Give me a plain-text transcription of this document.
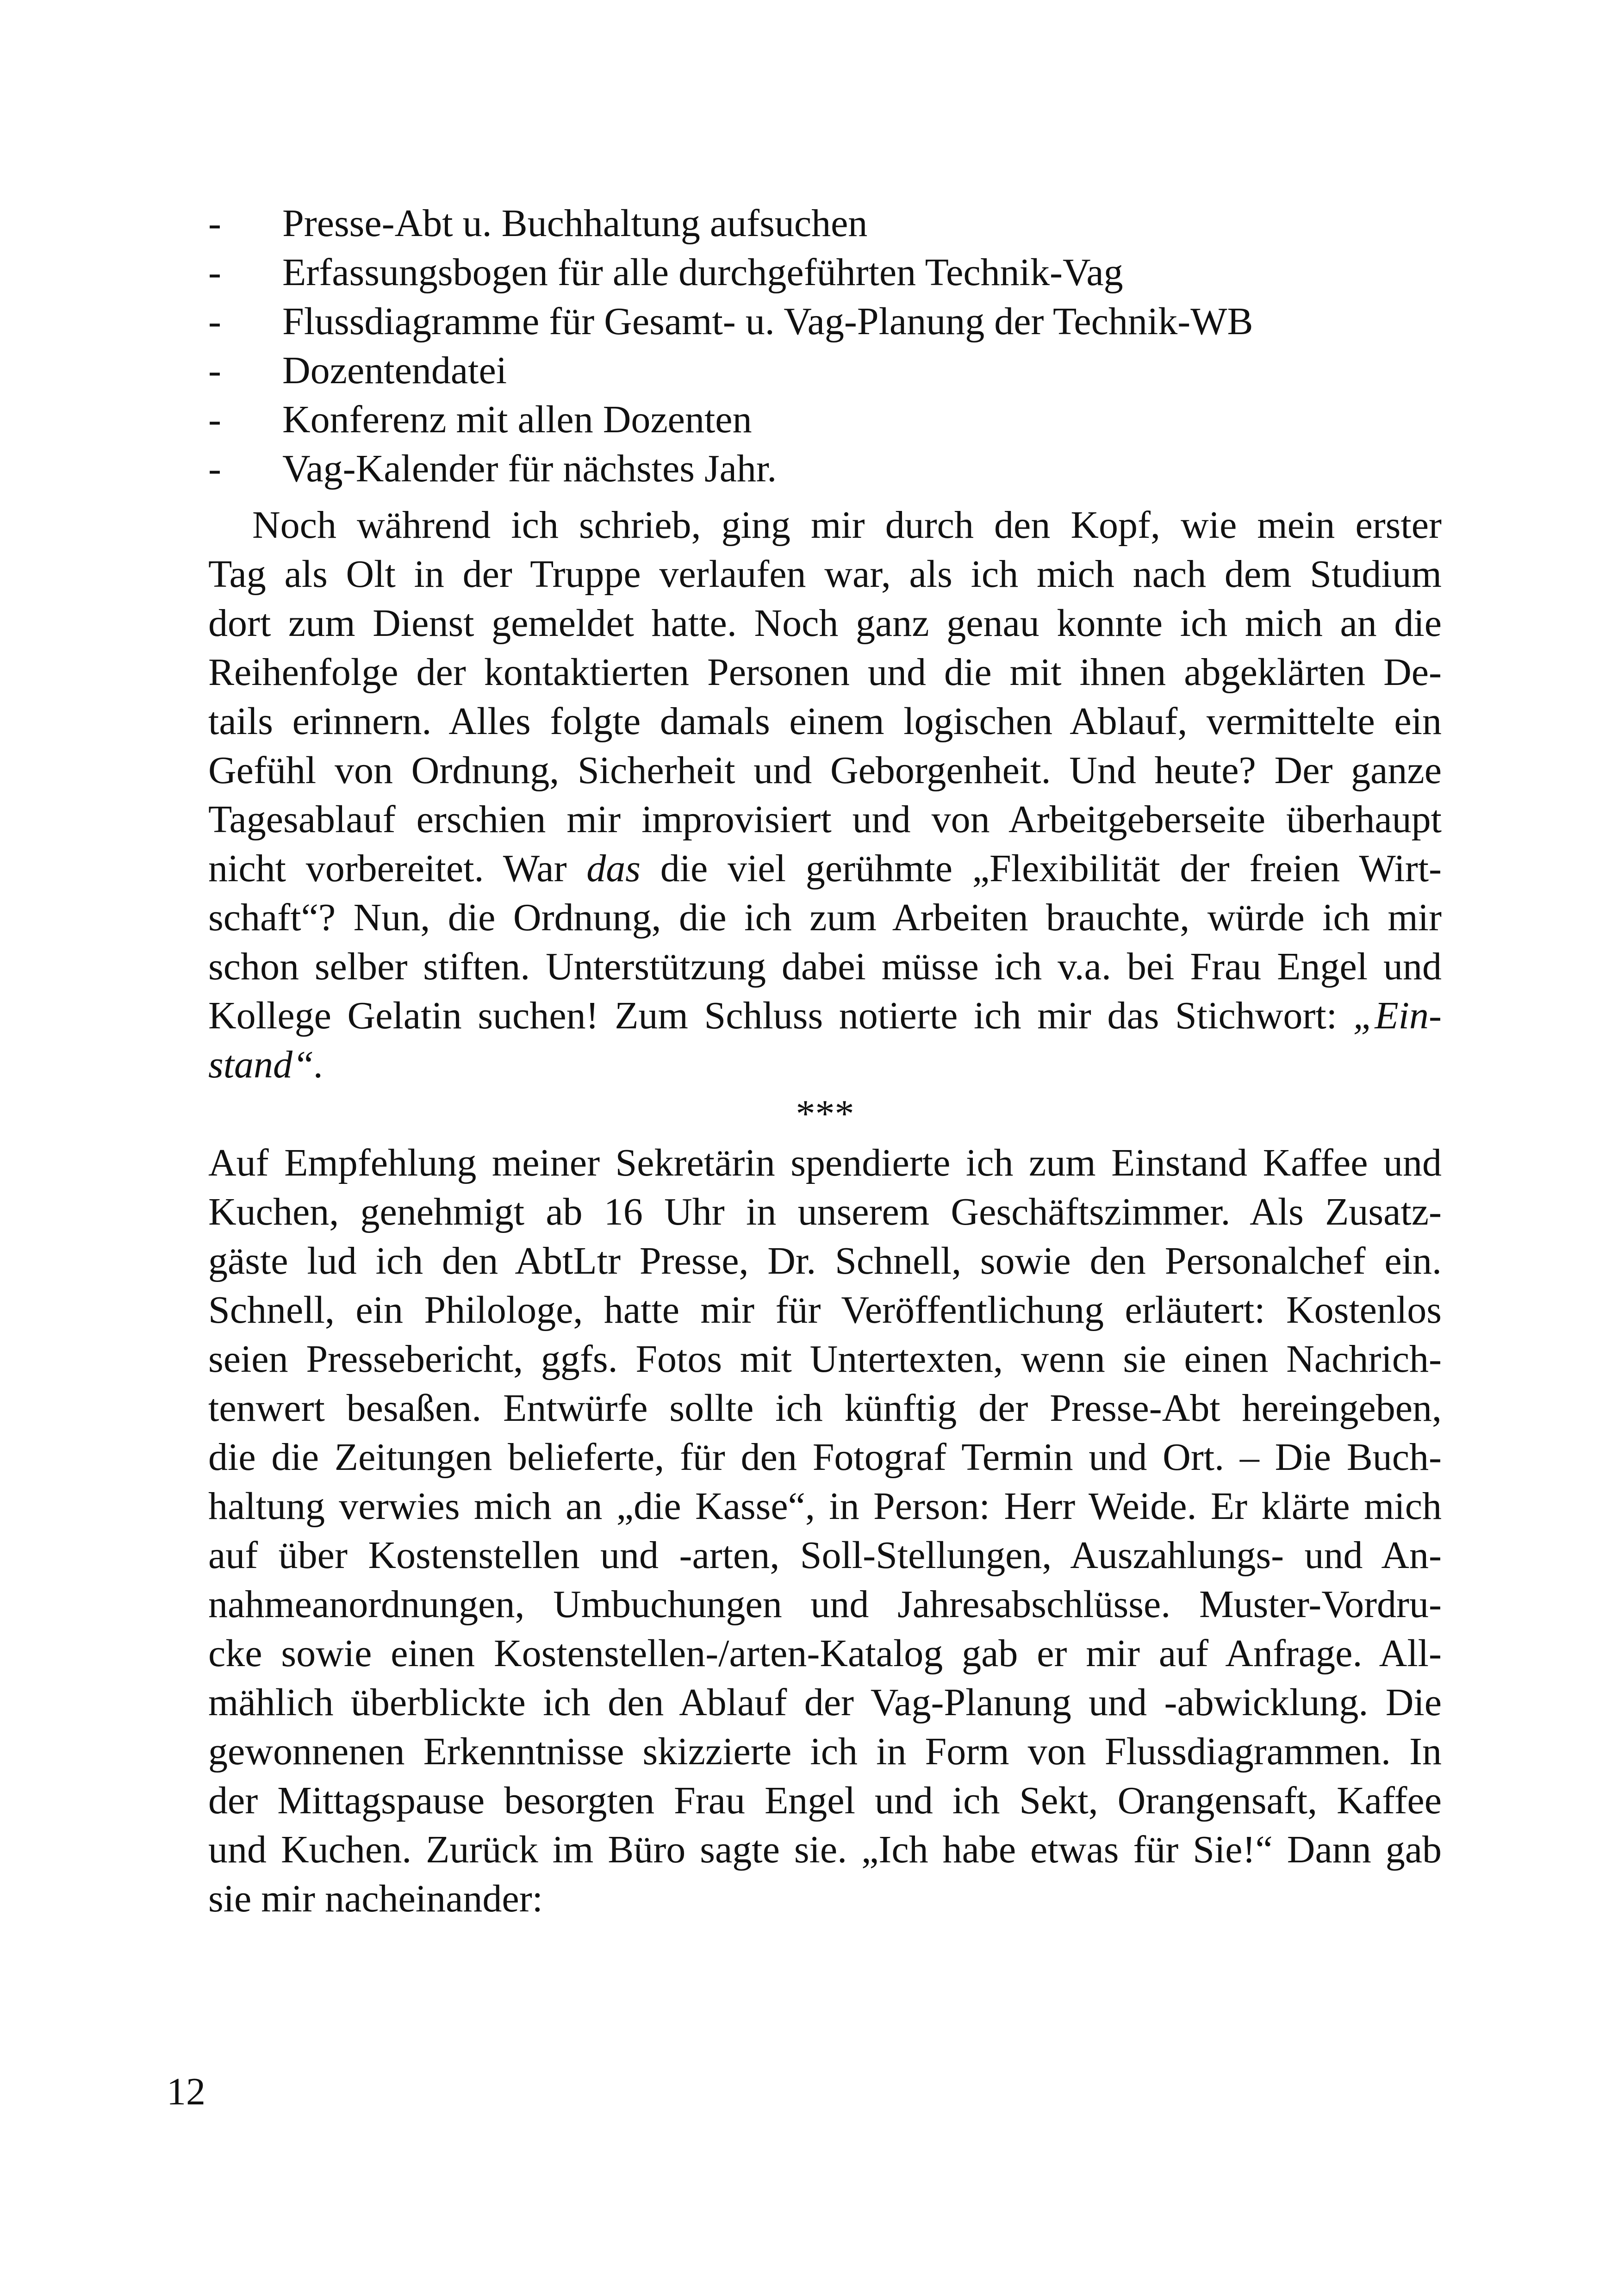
- Presse-Abt u. Buchhaltung aufsuchen
- Erfassungsbogen für alle durchgeführten Technik-Vag
- Flussdiagramme für Gesamt- u. Vag-Planung der Technik-WB
- Dozentendatei
- Konferenz mit allen Dozenten
- Vag-Kalender für nächstes Jahr.
Noch während ich schrieb, ging mir durch den Kopf, wie mein erster
Tag als Olt in der Truppe verlaufen war, als ich mich nach dem Studium
dort zum Dienst gemeldet hatte. Noch ganz genau konnte ich mich an die
Reihenfolge der kontaktierten Personen und die mit ihnen abgeklärten De-
tails erinnern. Alles folgte damals einem logischen Ablauf, vermittelte ein
Gefühl von Ordnung, Sicherheit und Geborgenheit. Und heute? Der ganze
Tagesablauf erschien mir improvisiert und von Arbeitgeberseite überhaupt
nicht vorbereitet. War das die viel gerühmte „Flexibilität der freien Wirt-
schaft“? Nun, die Ordnung, die ich zum Arbeiten brauchte, würde ich mir
schon selber stiften. Unterstützung dabei müsse ich v.a. bei Frau Engel und
Kollege Gelatin suchen! Zum Schluss notierte ich mir das Stichwort: „Ein-
stand“.
***
Auf Empfehlung meiner Sekretärin spendierte ich zum Einstand Kaffee und
Kuchen, genehmigt ab 16 Uhr in unserem Geschäftszimmer. Als Zusatz-
gäste lud ich den AbtLtr Presse, Dr. Schnell, sowie den Personalchef ein.
Schnell, ein Philologe, hatte mir für Veröffentlichung erläutert: Kostenlos
seien Pressebericht, ggfs. Fotos mit Untertexten, wenn sie einen Nachrich-
tenwert besaßen. Entwürfe sollte ich künftig der Presse-Abt hereingeben,
die die Zeitungen belieferte, für den Fotograf Termin und Ort. – Die Buch-
haltung verwies mich an „die Kasse“, in Person: Herr Weide. Er klärte mich
auf über Kostenstellen und -arten, Soll-Stellungen, Auszahlungs- und An-
nahmeanordnungen, Umbuchungen und Jahresabschlüsse. Muster-Vordru-
cke sowie einen Kostenstellen-/arten-Katalog gab er mir auf Anfrage. All-
mählich überblickte ich den Ablauf der Vag-Planung und -abwicklung. Die
gewonnenen Erkenntnisse skizzierte ich in Form von Flussdiagrammen. In
der Mittagspause besorgten Frau Engel und ich Sekt, Orangensaft, Kaffee
und Kuchen. Zurück im Büro sagte sie. „Ich habe etwas für Sie!“ Dann gab
sie mir nacheinander:
12
